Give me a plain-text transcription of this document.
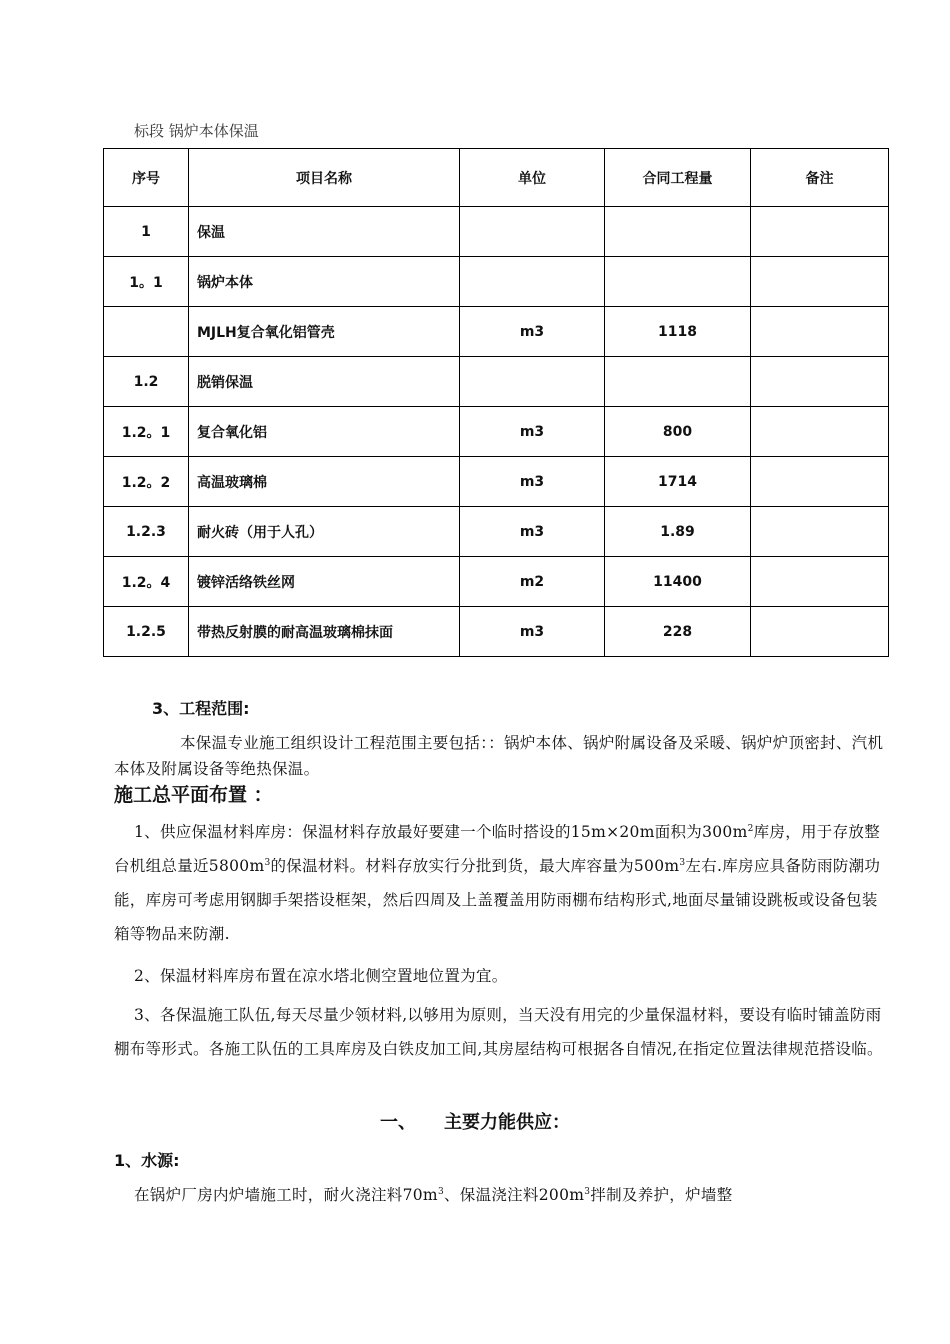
标段 锅炉本体保温
序号	项目名称	单位	合同工程量	备注
1	保温			
1。1	锅炉本体			
	MJLH复合氧化铝管壳	m3	1118	
1.2	脱销保温			
1.2。1	复合氧化铝	m3	800	
1.2。2	高温玻璃棉	m3	1714	
1.2.3	耐火砖（用于人孔）	m3	1.89	
1.2。4	镀锌活络铁丝网	m2	11400	
1.2.5	带热反射膜的耐高温玻璃棉抹面	m3	228	
3、工程范围:
本保温专业施工组织设计工程范围主要包括：：锅炉本体、锅炉附属设备及采暖、锅炉炉顶密封、汽机本体及附属设备等绝热保温。
施工总平面布置 ：
1、供应保温材料库房：保温材料存放最好要建一个临时搭设的15m×20m面积为$300m^2$库房，用于存放整台机组总量近$5800m^3$的保温材料。材料存放实行分批到货，最大库容量为$500m^3$左右.库房应具备防雨防潮功能，库房可考虑用钢脚手架搭设框架，然后四周及上盖覆盖用防雨棚布结构形式,地面尽量铺设跳板或设备包装箱等物品来防潮.
2、保温材料库房布置在凉水塔北侧空置地位置为宜。
3、各保温施工队伍,每天尽量少领材料,以够用为原则，当天没有用完的少量保温材料，要设有临时铺盖防雨棚布等形式。各施工队伍的工具库房及白铁皮加工间,其房屋结构可根据各自情况,在指定位置法律规范搭设临。
一、 主要力能供应：
1、水源:
在锅炉厂房内炉墙施工时，耐火浇注料$70m^3$、保温浇注料$200m^3$拌制及养护，炉墙整
